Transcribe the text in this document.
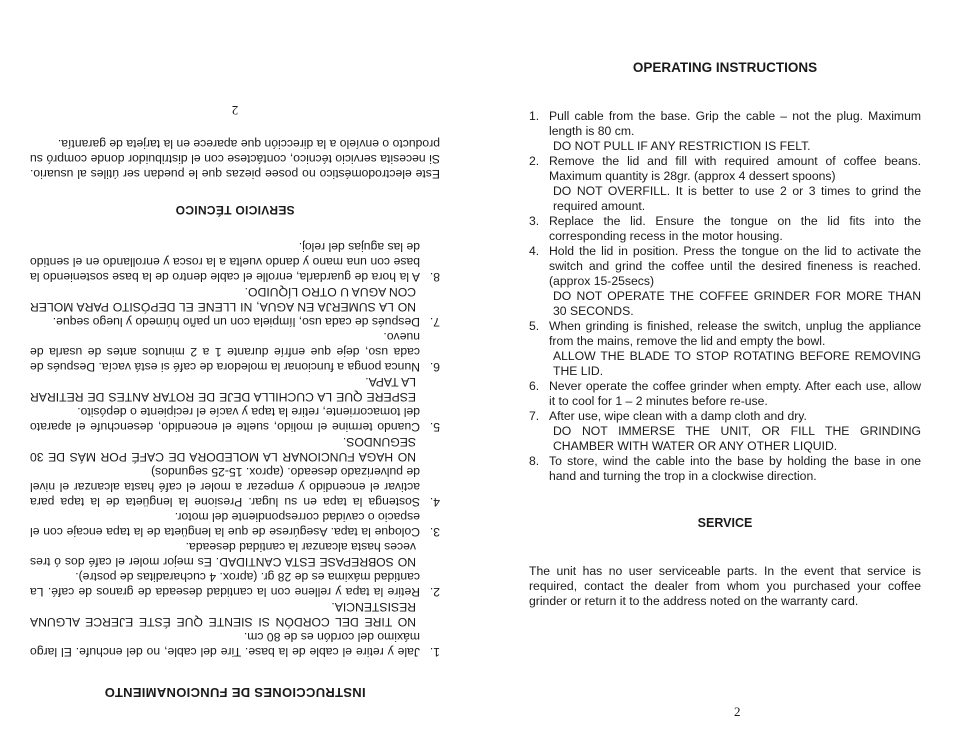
INSTRUCCIONES DE FUNCIONAMIENTO
1.
Jale y retire el cable de la base. Tire del cable, no del enchufe. El largo máximo del cordón es de 80 cm.
NO TIRE DEL CORDÓN SI SIENTE QUE ÉSTE EJERCE ALGUNA RESISTENCIA.
2.
Retire la tapa y rellene con la cantidad deseada de granos de café. La cantidad máxima es de 28 gr. (aprox. 4 cucharaditas de postre).
NO SOBREPASE ESTA CANTIDAD. Es mejor moler el café dos ó tres veces hasta alcanzar la cantidad deseada.
3.
Coloque la tapa. Asegúrese de que la lengüeta de la tapa encaje con el espacio o cavidad correspondiente del motor.
4.
Sostenga la tapa en su lugar. Presione la lengüeta de la tapa para activar el encendido y empezar a moler el café hasta alcanzar el nivel de pulverizado deseado. (aprox. 15-25 segundos)
NO HAGA FUNCIONAR LA MOLEDORA DE CAFÉ POR MÁS DE 30 SEGUNDOS.
5.
Cuando termine el molido, suelte el encendido, desenchufe el aparato del tomacorriente, retire la tapa y vacíe el recipiente o depósito.
ESPERE QUE LA CUCHILLA DEJE DE ROTAR ANTES DE RETIRAR LA TAPA.
6.
Nunca ponga a funcionar la moledora de café si está vacía. Después de cada uso, deje que enfríe durante 1 a 2 minutos antes de usarla de nuevo.
7.
Después de cada uso, límpiela con un paño húmedo y luego seque.
NO LA SUMERJA EN AGUA, NI LLENE EL DEPÓSITO PARA MOLER CON AGUA U OTRO LÍQUIDO.
8.
A la hora de guardarla, enrolle el cable dentro de la base sosteniendo la base con una mano y dando vuelta a la rosca y enrollando en el sentido de las agujas del reloj.
SERVICIO TÉCNICO

Este electrodoméstico no posee piezas que le puedan ser útiles al usuario. Si necesita servicio técnico, contáctese con el distribuidor donde compró su producto o envíelo a la dirección que aparece en la tarjeta de garantía.

2
OPERATING INSTRUCTIONS
1. Pull cable from the base. Grip the cable – not the plug. Maximum length is 80 cm.
DO NOT PULL IF ANY RESTRICTION IS FELT.
2. Remove the lid and fill with required amount of coffee beans. Maximum quantity is 28gr. (approx 4 dessert spoons)
DO NOT OVERFILL. It is better to use 2 or 3 times to grind the required amount.
3. Replace the lid. Ensure the tongue on the lid fits into the corresponding recess in the motor housing.
4. Hold the lid in position. Press the tongue on the lid to activate the switch and grind the coffee until the desired fineness is reached. (approx 15-25secs)
DO NOT OPERATE THE COFFEE GRINDER FOR MORE THAN 30 SECONDS.
5. When grinding is finished, release the switch, unplug the appliance from the mains, remove the lid and empty the bowl.
ALLOW THE BLADE TO STOP ROTATING BEFORE REMOVING THE LID.
6. Never operate the coffee grinder when empty. After each use, allow it to cool for 1 – 2 minutes before re-use.
7. After use, wipe clean with a damp cloth and dry.
DO NOT IMMERSE THE UNIT, OR FILL THE GRINDING CHAMBER WITH WATER OR ANY OTHER LIQUID.
8. To store, wind the cable into the base by holding the base in one hand and turning the trop in a clockwise direction.
SERVICE

The unit has no user serviceable parts. In the event that service is required, contact the dealer from whom you purchased your coffee grinder or return it to the address noted on the warranty card.

2
